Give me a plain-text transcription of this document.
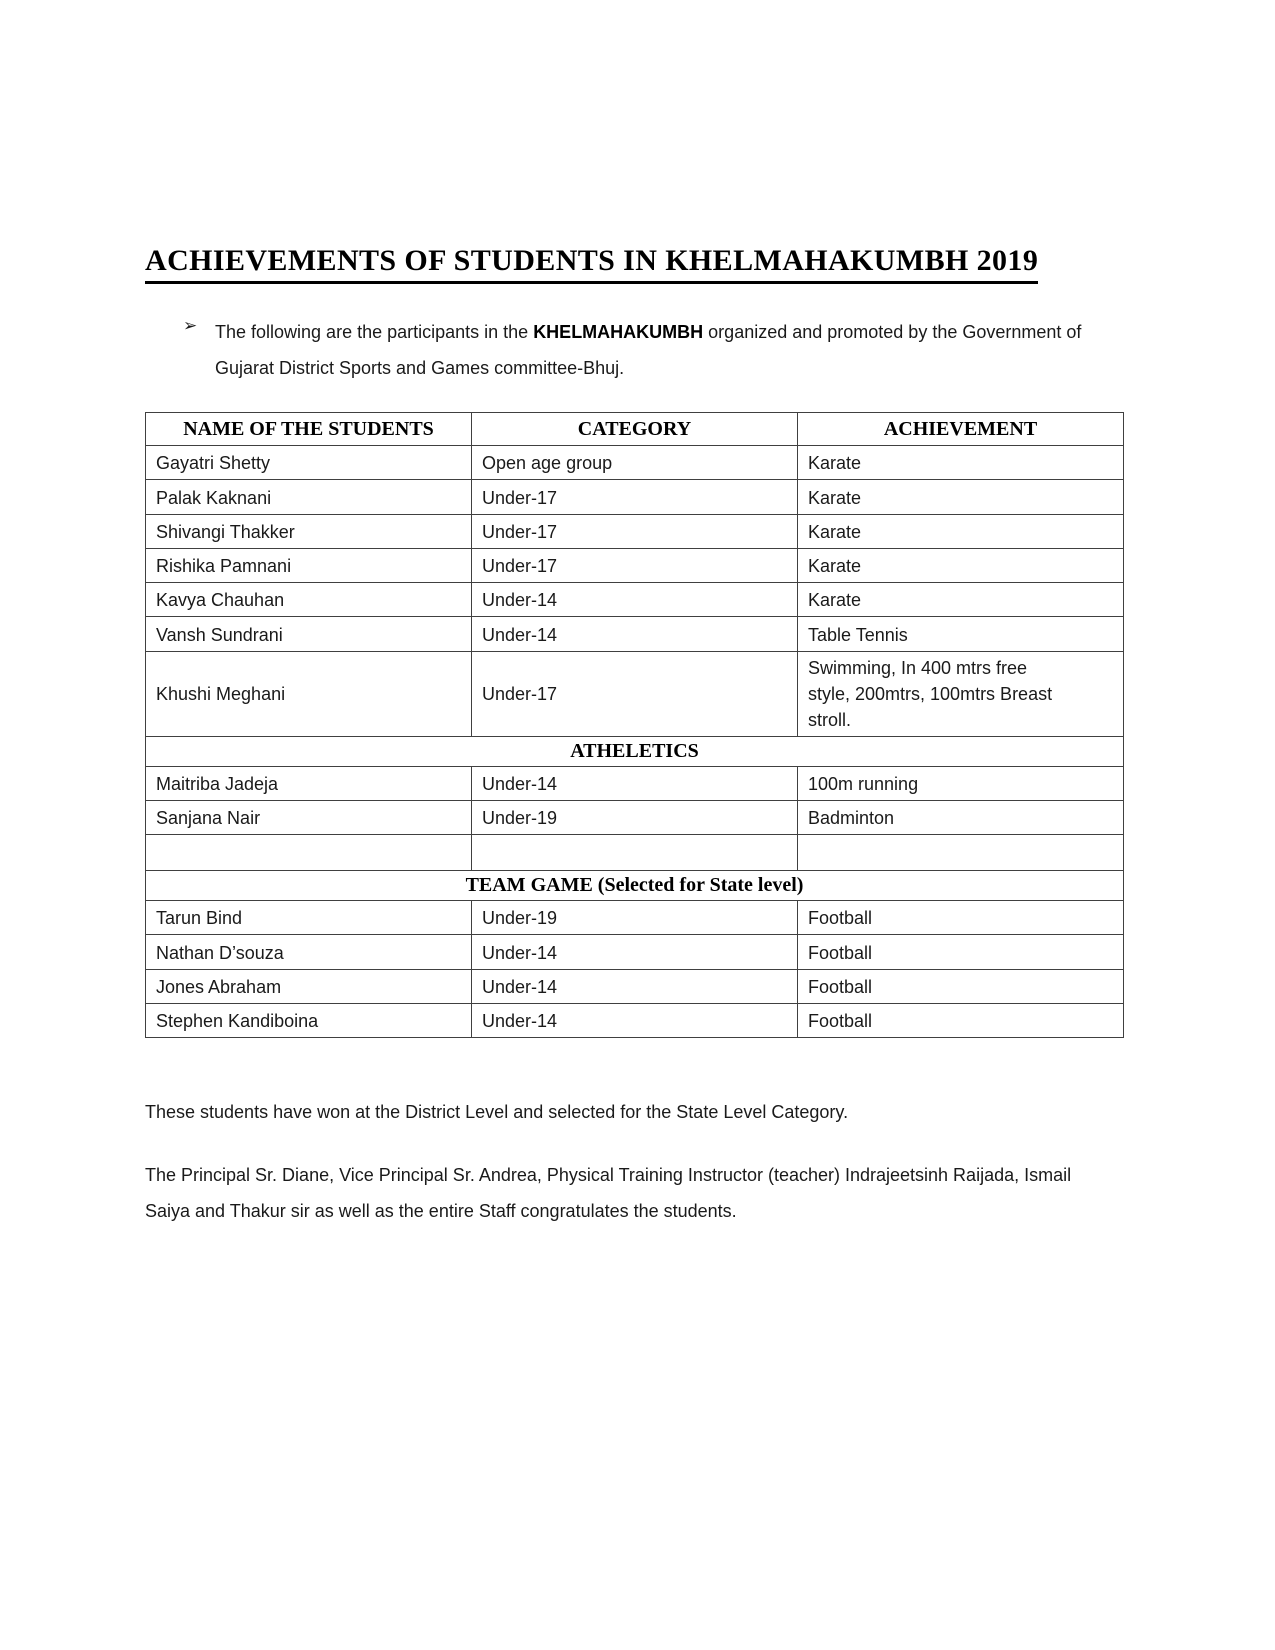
ACHIEVEMENTS OF STUDENTS IN KHELMAHAKUMBH 2019
➢ The following are the participants in the KHELMAHAKUMBH organized and promoted by the Government of Gujarat District Sports and Games committee-Bhuj.

NAME OF THE STUDENTS	CATEGORY	ACHIEVEMENT
Gayatri Shetty	Open age group	Karate
Palak Kaknani	Under-17	Karate
Shivangi Thakker	Under-17	Karate
Rishika Pamnani	Under-17	Karate
Kavya Chauhan	Under-14	Karate
Vansh Sundrani	Under-14	Table Tennis
Khushi Meghani	Under-17	Swimming, In 400 mtrs free style, 200mtrs, 100mtrs Breast stroll.
ATHELETICS		
Maitriba Jadeja	Under-14	100m running
Sanjana Nair	Under-19	Badminton

TEAM GAME (Selected for State level)		
Tarun Bind	Under-19	Football
Nathan D’souza	Under-14	Football
Jones Abraham	Under-14	Football
Stephen Kandiboina	Under-14	Football

These students have won at the District Level and selected for the State Level Category.

The Principal Sr. Diane, Vice Principal Sr. Andrea, Physical Training Instructor (teacher) Indrajeetsinh Raijada, Ismail Saiya and Thakur sir as well as the entire Staff congratulates the students.
